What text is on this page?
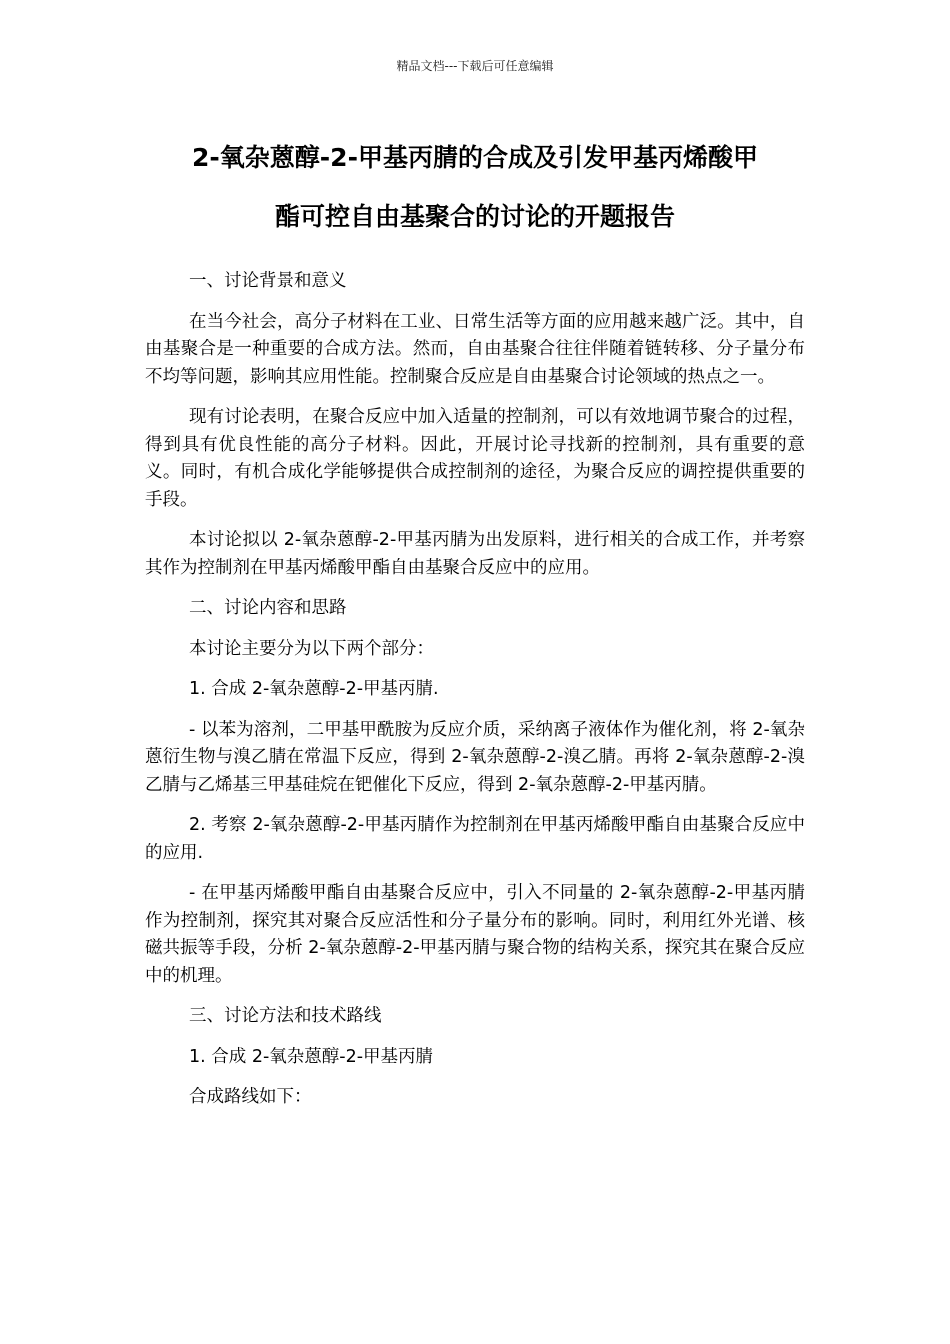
精品文档---下载后可任意编辑
2-氧杂蒽醇-2-甲基丙腈的合成及引发甲基丙烯酸甲
酯可控自由基聚合的讨论的开题报告

一、讨论背景和意义

在当今社会，高分子材料在工业、日常生活等方面的应用越来越广泛。其中，自由基聚合是一种重要的合成方法。然而，自由基聚合往往伴随着链转移、分子量分布不均等问题，影响其应用性能。控制聚合反应是自由基聚合讨论领域的热点之一。

现有讨论表明，在聚合反应中加入适量的控制剂，可以有效地调节聚合的过程，得到具有优良性能的高分子材料。因此，开展讨论寻找新的控制剂，具有重要的意义。同时，有机合成化学能够提供合成控制剂的途径，为聚合反应的调控提供重要的手段。

本讨论拟以 2-氧杂蒽醇-2-甲基丙腈为出发原料，进行相关的合成工作，并考察其作为控制剂在甲基丙烯酸甲酯自由基聚合反应中的应用。

二、讨论内容和思路

本讨论主要分为以下两个部分：

1. 合成 2-氧杂蒽醇-2-甲基丙腈.

- 以苯为溶剂，二甲基甲酰胺为反应介质，采纳离子液体作为催化剂，将 2-氧杂蒽衍生物与溴乙腈在常温下反应，得到 2-氧杂蒽醇-2-溴乙腈。再将 2-氧杂蒽醇-2-溴乙腈与乙烯基三甲基硅烷在钯催化下反应，得到 2-氧杂蒽醇-2-甲基丙腈。

2. 考察 2-氧杂蒽醇-2-甲基丙腈作为控制剂在甲基丙烯酸甲酯自由基聚合反应中的应用.

- 在甲基丙烯酸甲酯自由基聚合反应中，引入不同量的 2-氧杂蒽醇-2-甲基丙腈作为控制剂，探究其对聚合反应活性和分子量分布的影响。同时，利用红外光谱、核磁共振等手段，分析 2-氧杂蒽醇-2-甲基丙腈与聚合物的结构关系，探究其在聚合反应中的机理。

三、讨论方法和技术路线

1. 合成 2-氧杂蒽醇-2-甲基丙腈

合成路线如下：
